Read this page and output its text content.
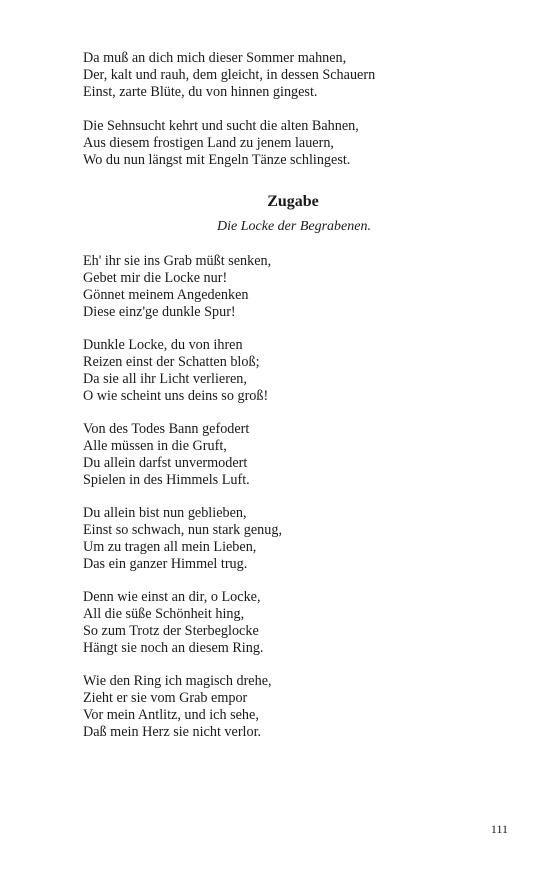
Da muß an dich mich dieser Sommer mahnen,
Der, kalt und rauh, dem gleicht, in dessen Schauern
Einst, zarte Blüte, du von hinnen gingest.

Die Sehnsucht kehrt und sucht die alten Bahnen,
Aus diesem frostigen Land zu jenem lauern,
Wo du nun längst mit Engeln Tänze schlingest.

Zugabe

Die Locke der Begrabenen.

Eh' ihr sie ins Grab müßt senken,
Gebet mir die Locke nur!
Gönnet meinem Angedenken
Diese einz'ge dunkle Spur!

Dunkle Locke, du von ihren
Reizen einst der Schatten bloß;
Da sie all ihr Licht verlieren,
O wie scheint uns deins so groß!

Von des Todes Bann gefodert
Alle müssen in die Gruft,
Du allein darfst unvermodert
Spielen in des Himmels Luft.

Du allein bist nun geblieben,
Einst so schwach, nun stark genug,
Um zu tragen all mein Lieben,
Das ein ganzer Himmel trug.

Denn wie einst an dir, o Locke,
All die süße Schönheit hing,
So zum Trotz der Sterbeglocke
Hängt sie noch an diesem Ring.

Wie den Ring ich magisch drehe,
Zieht er sie vom Grab empor
Vor mein Antlitz, und ich sehe,
Daß mein Herz sie nicht verlor.

111
